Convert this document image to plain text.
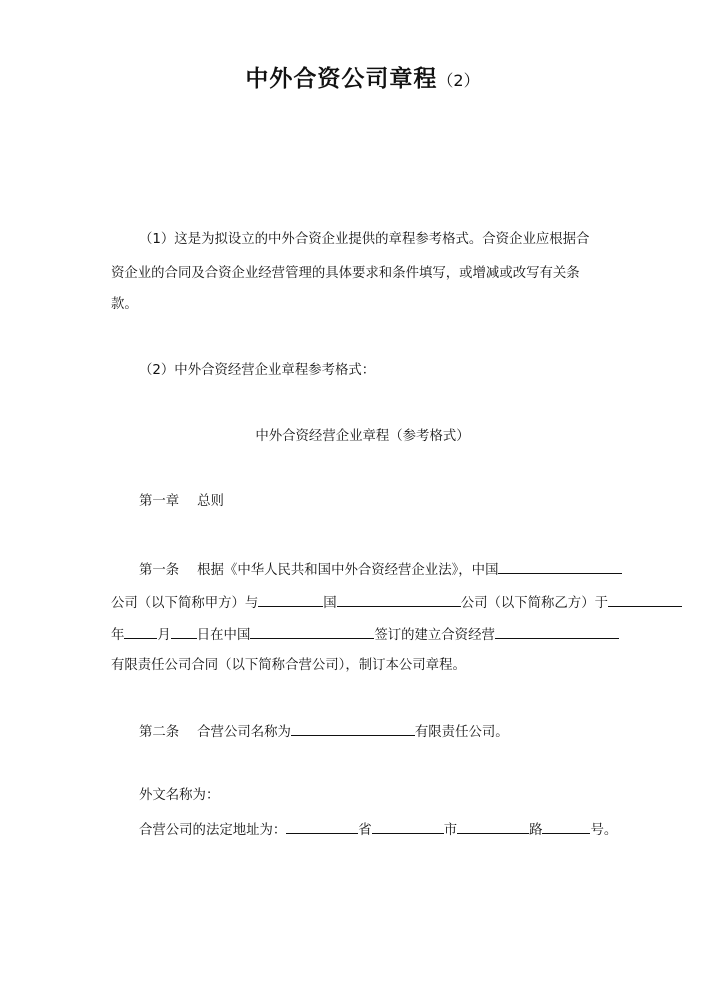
中外合资公司章程（2）
（1）这是为拟设立的中外合资企业提供的章程参考格式。合资企业应根据合
资企业的合同及合资企业经营管理的具体要求和条件填写，或增减或改写有关条
款。
（2）中外合资经营企业章程参考格式：
中外合资经营企业章程（参考格式）
第一章 总则
第一条 根据《中华人民共和国中外合资经营企业法》，中国
公司（以下简称甲方）与	国	公司（以下简称乙方）于
年 月 日在中国	签订的建立合资经营
有限责任公司合同（以下简称合营公司），制订本公司章程。
第二条 合营公司名称为	有限责任公司。
外文名称为：
合营公司的法定地址为：	省	市	路	号。
